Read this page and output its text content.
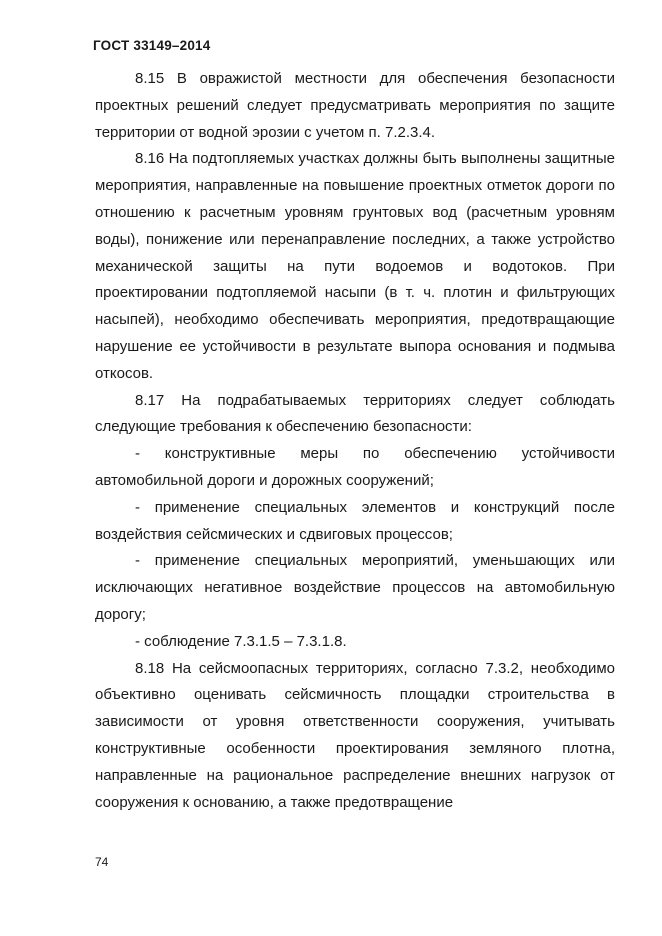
ГОСТ 33149–2014

8.15 В овражистой местности для обеспечения безопасности проектных решений следует предусматривать мероприятия по защите территории от водной эрозии с учетом п. 7.2.3.4.

8.16 На подтопляемых участках должны быть выполнены защитные мероприятия, направленные на повышение проектных отметок дороги по отношению к расчетным уровням грунтовых вод (расчетным уровням воды), понижение или перенаправление последних, а также устройство механической защиты на пути водоемов и водотоков. При проектировании подтопляемой насыпи (в т. ч. плотин и фильтрующих насыпей), необходимо обеспечивать мероприятия, предотвращающие нарушение ее устойчивости в результате выпора основания и подмыва откосов.

8.17 На подрабатываемых территориях следует соблюдать следующие требования к обеспечению безопасности:

- конструктивные меры по обеспечению устойчивости автомобильной дороги и дорожных сооружений;

- применение специальных элементов и конструкций после воздействия сейсмических и сдвиговых процессов;

- применение специальных мероприятий, уменьшающих или исключающих негативное воздействие процессов на автомобильную дорогу;

- соблюдение 7.3.1.5 – 7.3.1.8.

8.18 На сейсмоопасных территориях, согласно 7.3.2, необходимо объективно оценивать сейсмичность площадки строительства в зависимости от уровня ответственности сооружения, учитывать конструктивные особенности проектирования земляного плотна, направленные на рациональное распределение внешних нагрузок от сооружения к основанию, а также предотвращение

74
